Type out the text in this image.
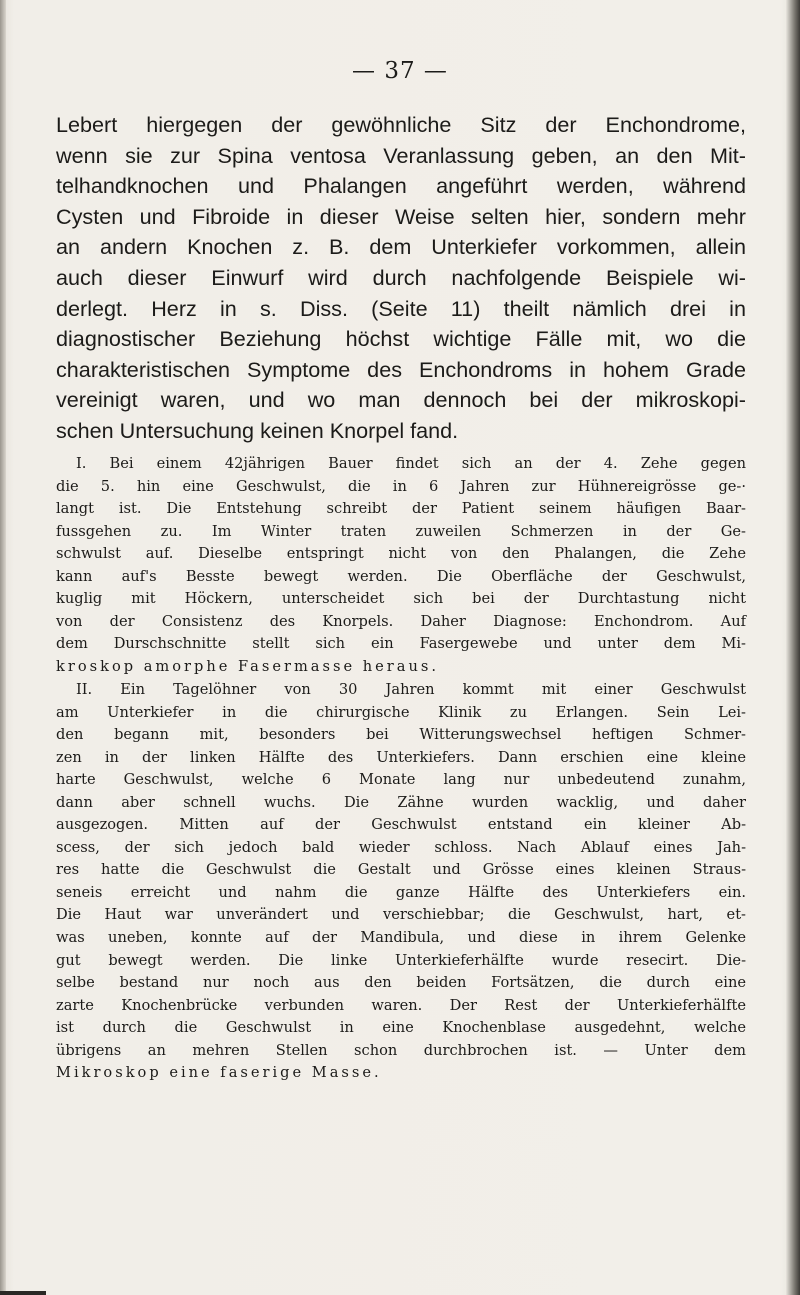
— 37 —
Lebert hiergegen der gewöhnliche Sitz der Enchondrome,
wenn sie zur Spina ventosa Veranlassung geben, an den Mit-
telhandknochen und Phalangen angeführt werden, während
Cysten und Fibroide in dieser Weise selten hier, sondern mehr
an andern Knochen z. B. dem Unterkiefer vorkommen, allein
auch dieser Einwurf wird durch nachfolgende Beispiele wi-
derlegt. Herz in s. Diss. (Seite 11) theilt nämlich drei in
diagnostischer Beziehung höchst wichtige Fälle mit, wo die
charakteristischen Symptome des Enchondroms in hohem Grade
vereinigt waren, und wo man dennoch bei der mikroskopi-
schen Untersuchung keinen Knorpel fand.
I. Bei einem 42jährigen Bauer findet sich an der 4. Zehe gegen
die 5. hin eine Geschwulst, die in 6 Jahren zur Hühnereigrösse ge-·
langt ist. Die Entstehung schreibt der Patient seinem häufigen Baar-
fussgehen zu. Im Winter traten zuweilen Schmerzen in der Ge-
schwulst auf. Dieselbe entspringt nicht von den Phalangen, die Zehe
kann auf's Besste bewegt werden. Die Oberfläche der Geschwulst,
kuglig mit Höckern, unterscheidet sich bei der Durchtastung nicht
von der Consistenz des Knorpels. Daher Diagnose: Enchondrom. Auf
dem Durschschnitte stellt sich ein Fasergewebe und unter dem Mi-
kroskop amorphe Fasermasse heraus.
II. Ein Tagelöhner von 30 Jahren kommt mit einer Geschwulst
am Unterkiefer in die chirurgische Klinik zu Erlangen. Sein Lei-
den begann mit, besonders bei Witterungswechsel heftigen Schmer-
zen in der linken Hälfte des Unterkiefers. Dann erschien eine kleine
harte Geschwulst, welche 6 Monate lang nur unbedeutend zunahm,
dann aber schnell wuchs. Die Zähne wurden wacklig, und daher
ausgezogen. Mitten auf der Geschwulst entstand ein kleiner Ab-
scess, der sich jedoch bald wieder schloss. Nach Ablauf eines Jah-
res hatte die Geschwulst die Gestalt und Grösse eines kleinen Straus-
seneis erreicht und nahm die ganze Hälfte des Unterkiefers ein.
Die Haut war unverändert und verschiebbar; die Geschwulst, hart, et-
was uneben, konnte auf der Mandibula, und diese in ihrem Gelenke
gut bewegt werden. Die linke Unterkieferhälfte wurde resecirt. Die-
selbe bestand nur noch aus den beiden Fortsätzen, die durch eine
zarte Knochenbrücke verbunden waren. Der Rest der Unterkieferhälfte
ist durch die Geschwulst in eine Knochenblase ausgedehnt, welche
übrigens an mehren Stellen schon durchbrochen ist. — Unter dem
Mikroskop eine faserige Masse.
